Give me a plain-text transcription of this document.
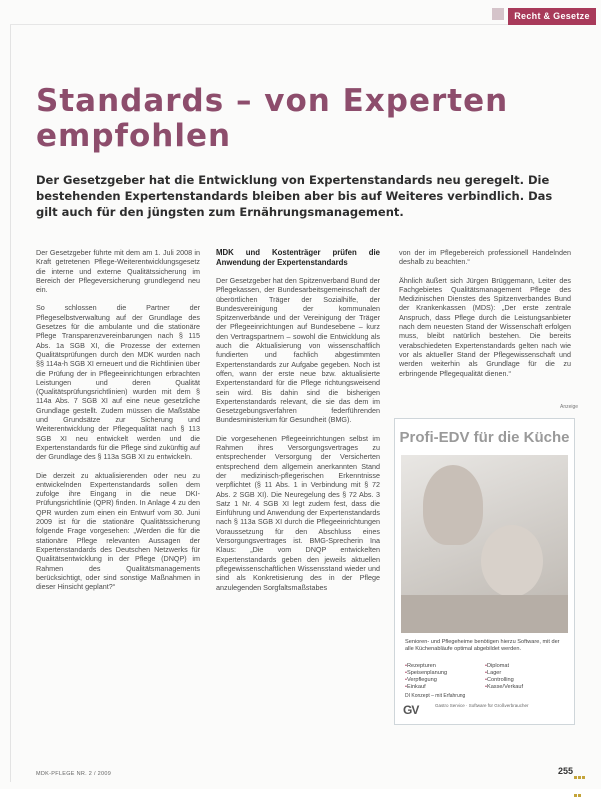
Recht & Gesetze
Standards – von Experten empfohlen

Der Gesetzgeber hat die Entwicklung von Expertenstandards neu geregelt. Die bestehenden Expertenstandards bleiben aber bis auf Weiteres verbindlich. Das gilt auch für den jüngsten zum Ernährungsmanagement.

Der Gesetzgeber führte mit dem am 1. Juli 2008 in Kraft getretenen Pflege-Weiterentwicklungsgesetz die interne und externe Qualitätssicherung im Bereich der Pflegeversicherung grundlegend neu ein.

So schlossen die Partner der Pflegeselbstverwaltung auf der Grundlage des Gesetzes für die ambulante und die stationäre Pflege Transparenzvereinbarungen nach § 115 Abs. 1a SGB XI, die Prozesse der externen Qualitätsprüfungen durch den MDK wurden nach §§ 114a-h SGB XI erneuert und die Richtlinien über die Prüfung der in Pflegeeinrichtungen erbrachten Leistungen und deren Qualität (Qualitätsprüfungsrichtlinien) wurden mit dem § 114a Abs. 7 SGB XI auf eine neue gesetzliche Grundlage gestellt. Zudem müssen die Maßstäbe und Grundsätze zur Sicherung und Weiterentwicklung der Pflegequalität nach § 113 SGB XI neu entwickelt werden und die Expertenstandards für die Pflege sind zukünftig auf der Grundlage des § 113a SGB XI zu entwickeln.

Die derzeit zu aktualisierenden oder neu zu entwickelnden Expertenstandards sollen dem zufolge ihre Eingang in die neue DKI-Prüfungsrichtlinie (QPR) finden. In Anlage 4 zu den QPR wurden zum einen ein Entwurf vom 30. Juni 2009 ist für die stationäre Qualitätssicherung folgende Frage vorgesehen: „Werden die für die stationäre Pflege relevanten Aussagen der Expertenstandards des Deutschen Netzwerks für Qualitätsentwicklung in der Pflege (DNQP) im Rahmen des Qualitätsmanagements berücksichtigt, oder sind sonstige Maßnahmen in dieser Hinsicht geplant?“

MDK und Kostenträger prüfen die Anwendung der Expertenstandards

Der Gesetzgeber hat den Spitzenverband Bund der Pflegekassen, der Bundesarbeitsgemeinschaft der überörtlichen Träger der Sozialhilfe, der Bundesvereinigung der kommunalen Spitzenverbände und der Vereinigung der Träger der Pflegeeinrichtungen auf Bundesebene – kurz den Vertragspartnern – sowohl die Entwicklung als auch die Aktualisierung von wissenschaftlich fundierten und fachlich abgestimmten Expertenstandards zur Aufgabe gegeben. Noch ist offen, wann der erste neue bzw. aktualisierte Expertenstandard für die Pflege richtungsweisend sein wird. Bis dahin sind die bisherigen Expertenstandards relevant, die sie das dem im Gesetzgebungsverfahren federführenden Bundesministerium für Gesundheit (BMG).

Die vorgesehenen Pflegeeinrichtungen selbst im Rahmen ihres Versorgungsvertrages zu entsprechender Versorgung der Versicherten entsprechend dem allgemein anerkannten Stand der medizinisch-pflegerischen Erkenntnisse verpflichtet (§ 11 Abs. 1 in Verbindung mit § 72 Abs. 2 SGB XI). Die Neuregelung des § 72 Abs. 3 Satz 1 Nr. 4 SGB XI legt zudem fest, dass die Einführung und Anwendung der Expertenstandards nach § 113a SGB XI durch die Pflegeeinrichtungen Voraussetzung für den Abschluss eines Versorgungsvertrages ist. BMG-Sprecherin Ina Klaus: „Die vom DNQP entwickelten Expertenstandards geben den jeweils aktuellen pflegewissenschaftlichen Wissensstand wieder und sind als Konkretisierung des in der Pflege anzulegenden Sorgfaltsmaßstabes

von der im Pflegebereich professionell Handelnden deshalb zu beachten.“

Ähnlich äußert sich Jürgen Brüggemann, Leiter des Fachgebietes Qualitätsmanagement Pflege des Medizinischen Dienstes des Spitzenverbandes Bund der Krankenkassen (MDS): „Der erste zentrale Anspruch, dass Pflege durch die Leistungsanbieter nach dem neuesten Stand der Wissenschaft erfolgen muss, bleibt natürlich bestehen. Die bereits verabschiedeten Expertenstandards gelten nach wie vor als aktueller Stand der Pflegewissenschaft und werden weiterhin als Grundlage für die zu erbringende Pflegequalität dienen.“

Anzeige
Profi-EDV für die Küche
Senioren- und Pflegeheime benötigen hierzu Software, mit der alle Küchenabläufe optimal abgebildet werden.
• Rezepturen	• Diplomat
• Speisenplanung	• Lager
• Verpflegung	• Controlling
• Einkauf	• Kasse/Verkauf
DI Konzept – mit Erfahrung
GV	Gastro Service · Software für Großverbraucher
MDK-PFLEGE NR. 2 / 2009	255
